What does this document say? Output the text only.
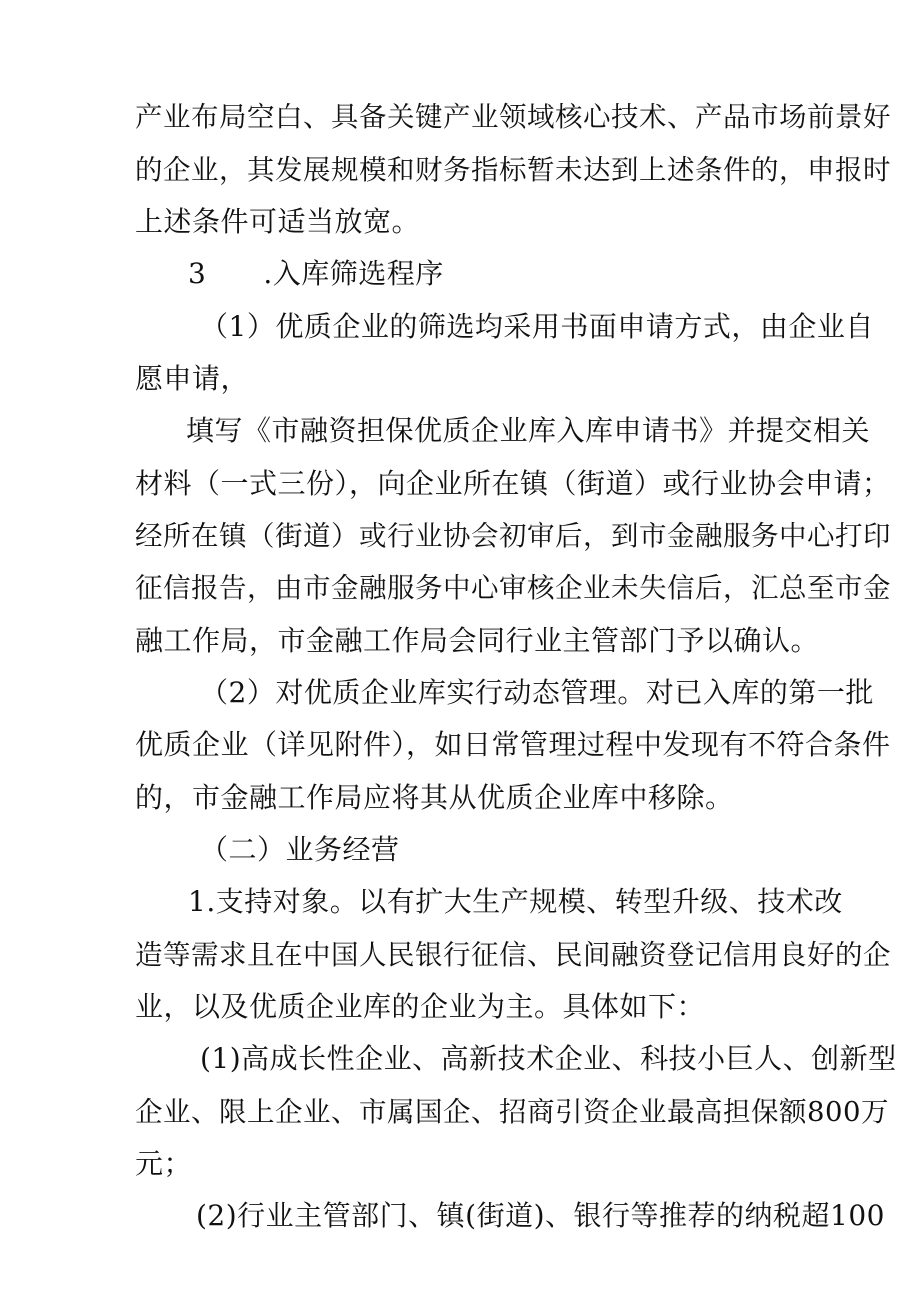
产业布局空白、具备关键产业领域核心技术、产品市场前景好
的企业，其发展规模和财务指标暂未达到上述条件的，申报时
上述条件可适当放宽。
3　　.入库筛选程序
（1）优质企业的筛选均采用书面申请方式，由企业自
愿申请，
填写《市融资担保优质企业库入库申请书》并提交相关
材料（一式三份），向企业所在镇（街道）或行业协会申请；
经所在镇（街道）或行业协会初审后，到市金融服务中心打印
征信报告，由市金融服务中心审核企业未失信后，汇总至市金
融工作局，市金融工作局会同行业主管部门予以确认。
（2）对优质企业库实行动态管理。对已入库的第一批
优质企业（详见附件），如日常管理过程中发现有不符合条件
的，市金融工作局应将其从优质企业库中移除。
（二）业务经营
1.支持对象。以有扩大生产规模、转型升级、技术改
造等需求且在中国人民银行征信、民间融资登记信用良好的企
业，以及优质企业库的企业为主。具体如下：
(1)高成长性企业、高新技术企业、科技小巨人、创新型
企业、限上企业、市属国企、招商引资企业最高担保额800万
元；
(2)行业主管部门、镇(街道)、银行等推荐的纳税超100
